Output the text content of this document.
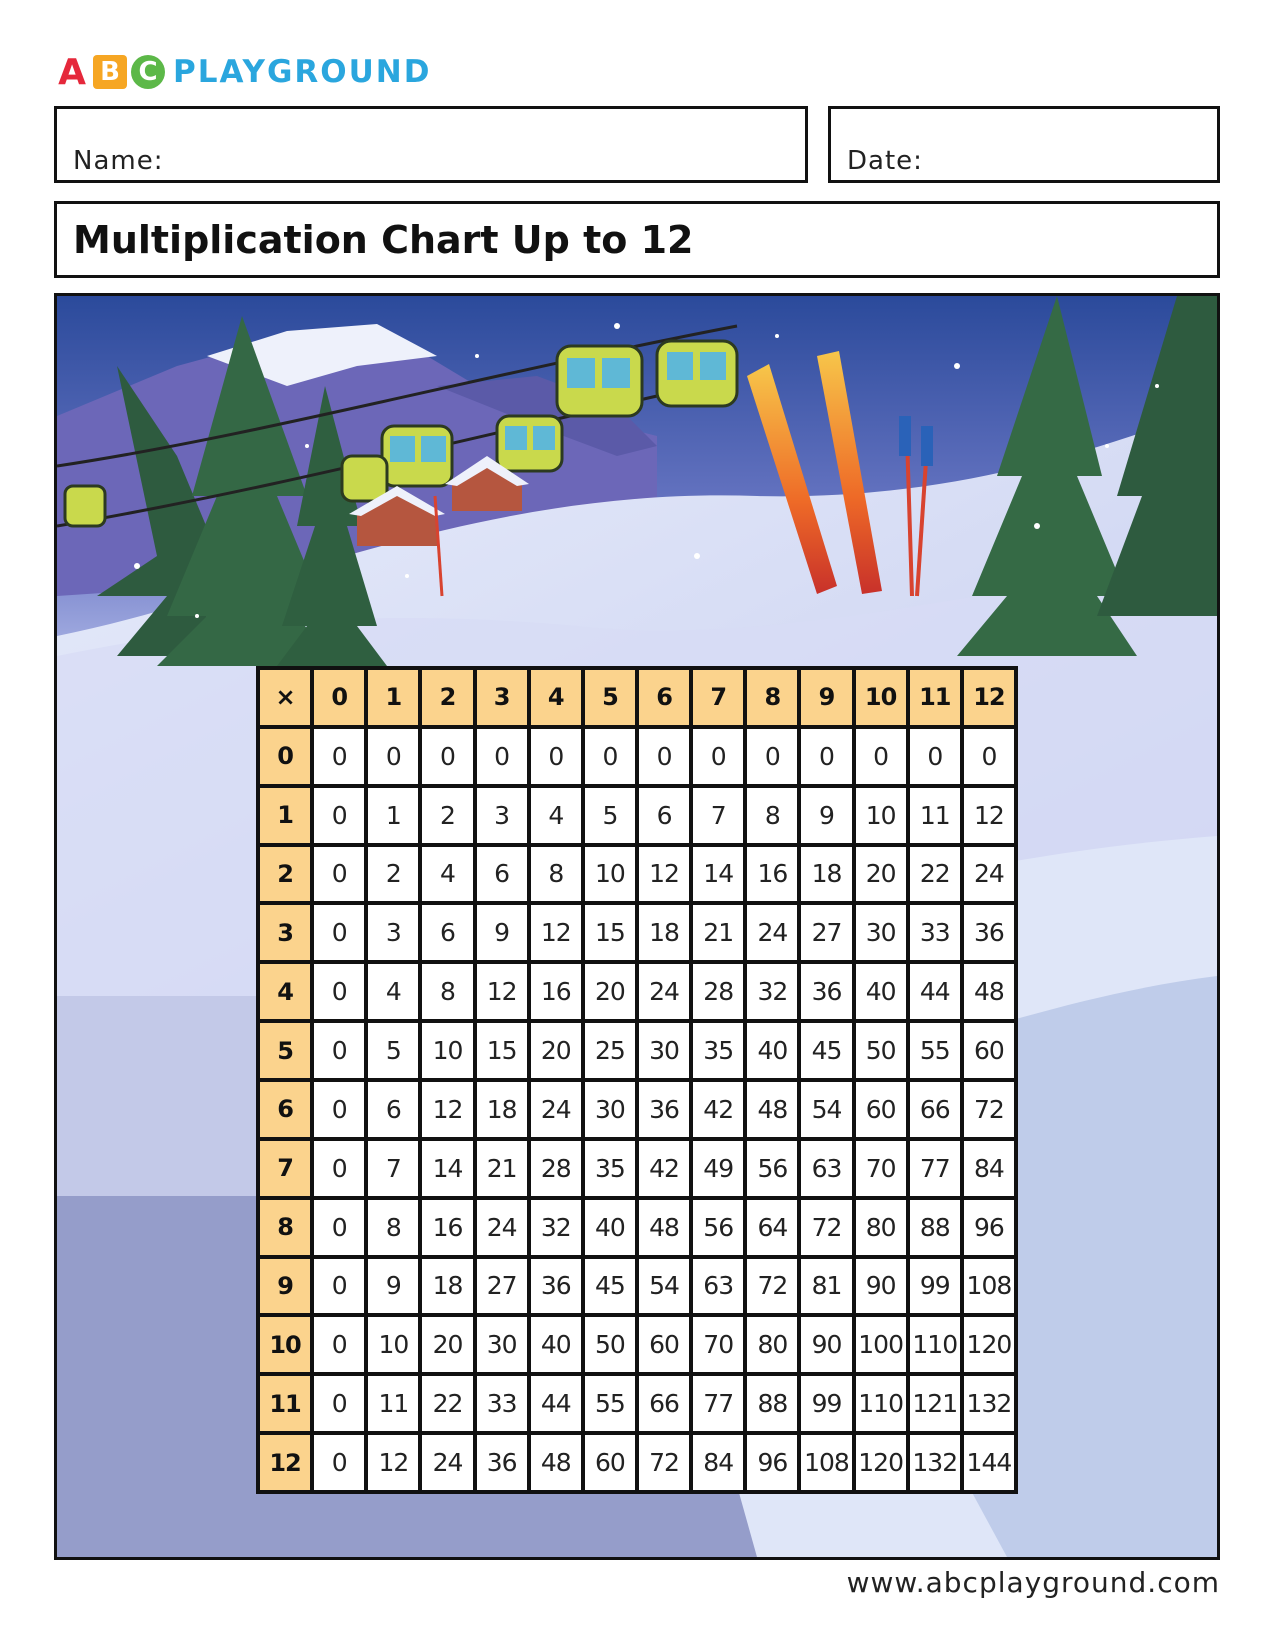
A B C PLAYGROUND
Name:	Date:
Multiplication Chart Up to 12
×	0	1	2	3	4	5	6	7	8	9	10 11 12
0	0	0	0	0	0	0	0	0	0	0	0	0	0
1	0	1	2	3	4	5	6	7	8	9	10 11 12
2	0	2	4	6	8	10 12 14 16 18 20 22 24
3	0	3	6	9	12 15 18 21 24 27 30 33 36
4	0	4	8	12 16 20 24 28 32 36 40 44 48
5	0	5	10 15 20 25 30 35 40 45 50 55 60
6	0	6	12 18 24 30 36 42 48 54 60 66 72
7	0	7	14 21 28 35 42 49 56 63 70 77 84
8	0	8	16 24 32 40 48 56 64 72 80 88 96
9	0	9	18 27 36 45 54 63 72 81 90 99 108
10	0	10 20 30 40 50 60 70 80 90 100 110 120
11	0	11 22 33 44 55 66 77 88 99 110 121 132
12	0	12 24 36 48 60 72 84 96 108 120 132 144
www.abcplayground.com
